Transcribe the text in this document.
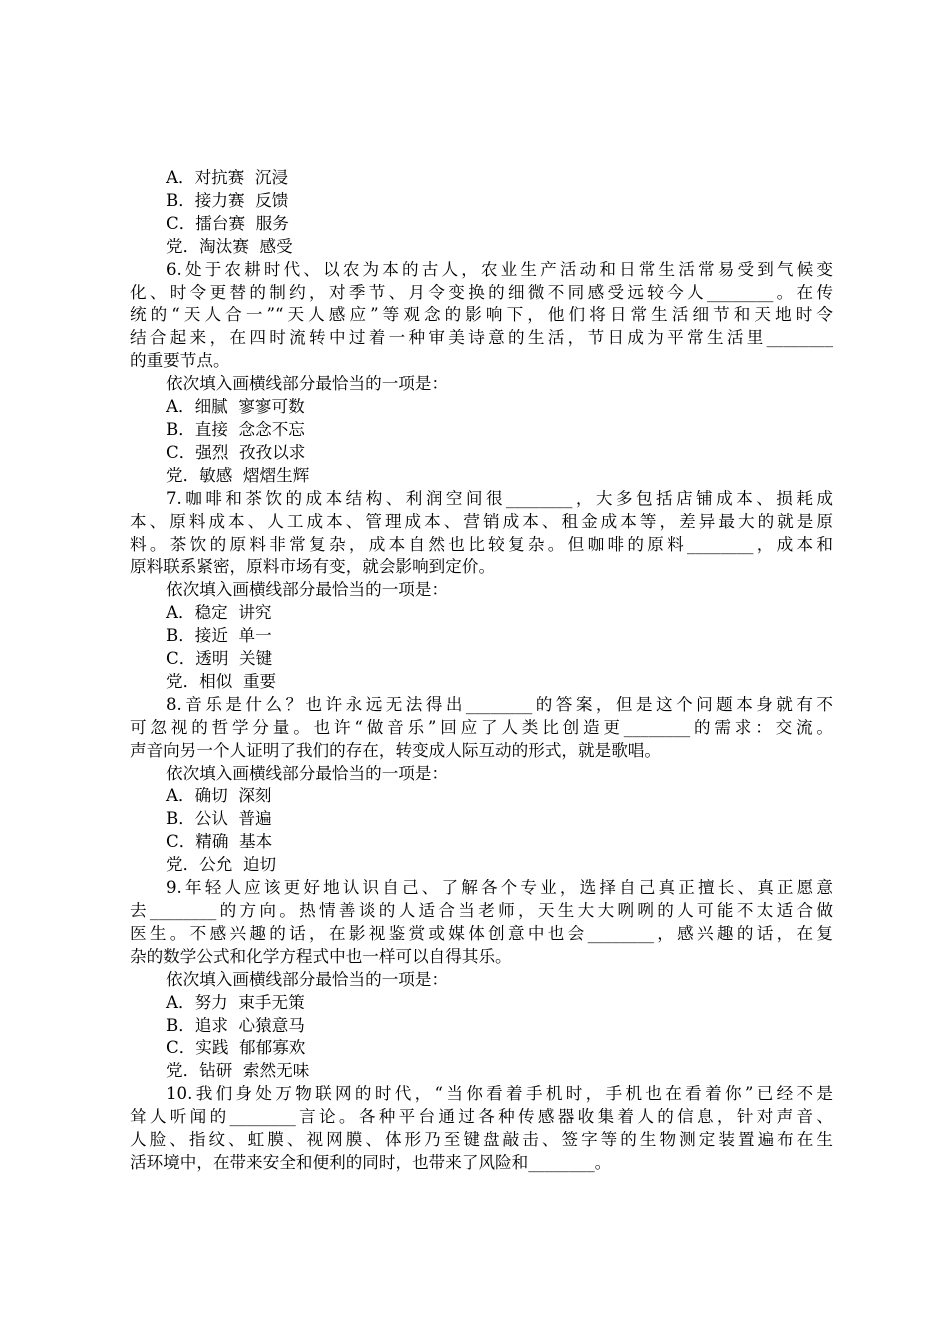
A．对抗赛  沉浸
B．接力赛  反馈
C．擂台赛  服务
党．淘汰赛  感受
6.处于农耕时代、以农为本的古人，农业生产活动和日常生活常易受到气候变
化、时令更替的制约，对季节、月令变换的细微不同感受远较今人________。在传
统的“天人合一”“天人感应”等观念的影响下，他们将日常生活细节和天地时令
结合起来，在四时流转中过着一种审美诗意的生活，节日成为平常生活里________
的重要节点。
依次填入画横线部分最恰当的一项是：
A．细腻  寥寥可数
B．直接  念念不忘
C．强烈  孜孜以求
党．敏感  熠熠生辉
7.咖啡和茶饮的成本结构、利润空间很________，大多包括店铺成本、损耗成
本、原料成本、人工成本、管理成本、营销成本、租金成本等，差异最大的就是原
料。茶饮的原料非常复杂，成本自然也比较复杂。但咖啡的原料________，成本和
原料联系紧密，原料市场有变，就会影响到定价。
依次填入画横线部分最恰当的一项是：
A．稳定  讲究
B．接近  单一
C．透明  关键
党．相似  重要
8.音乐是什么？也许永远无法得出________的答案，但是这个问题本身就有不
可忽视的哲学分量。也许“做音乐”回应了人类比创造更________的需求：交流。
声音向另一个人证明了我们的存在，转变成人际互动的形式，就是歌唱。
依次填入画横线部分最恰当的一项是：
A．确切  深刻
B．公认  普遍
C．精确  基本
党．公允  迫切
9.年轻人应该更好地认识自己、了解各个专业，选择自己真正擅长、真正愿意
去________的方向。热情善谈的人适合当老师，天生大大咧咧的人可能不太适合做
医生。不感兴趣的话，在影视鉴赏或媒体创意中也会________，感兴趣的话，在复
杂的数学公式和化学方程式中也一样可以自得其乐。
依次填入画横线部分最恰当的一项是：
A．努力  束手无策
B．追求  心猿意马
C．实践  郁郁寡欢
党．钻研  索然无味
10.我们身处万物联网的时代，“当你看着手机时，手机也在看着你”已经不是
耸人听闻的________言论。各种平台通过各种传感器收集着人的信息，针对声音、
人脸、指纹、虹膜、视网膜、体形乃至键盘敲击、签字等的生物测定装置遍布在生
活环境中，在带来安全和便利的同时，也带来了风险和________。
